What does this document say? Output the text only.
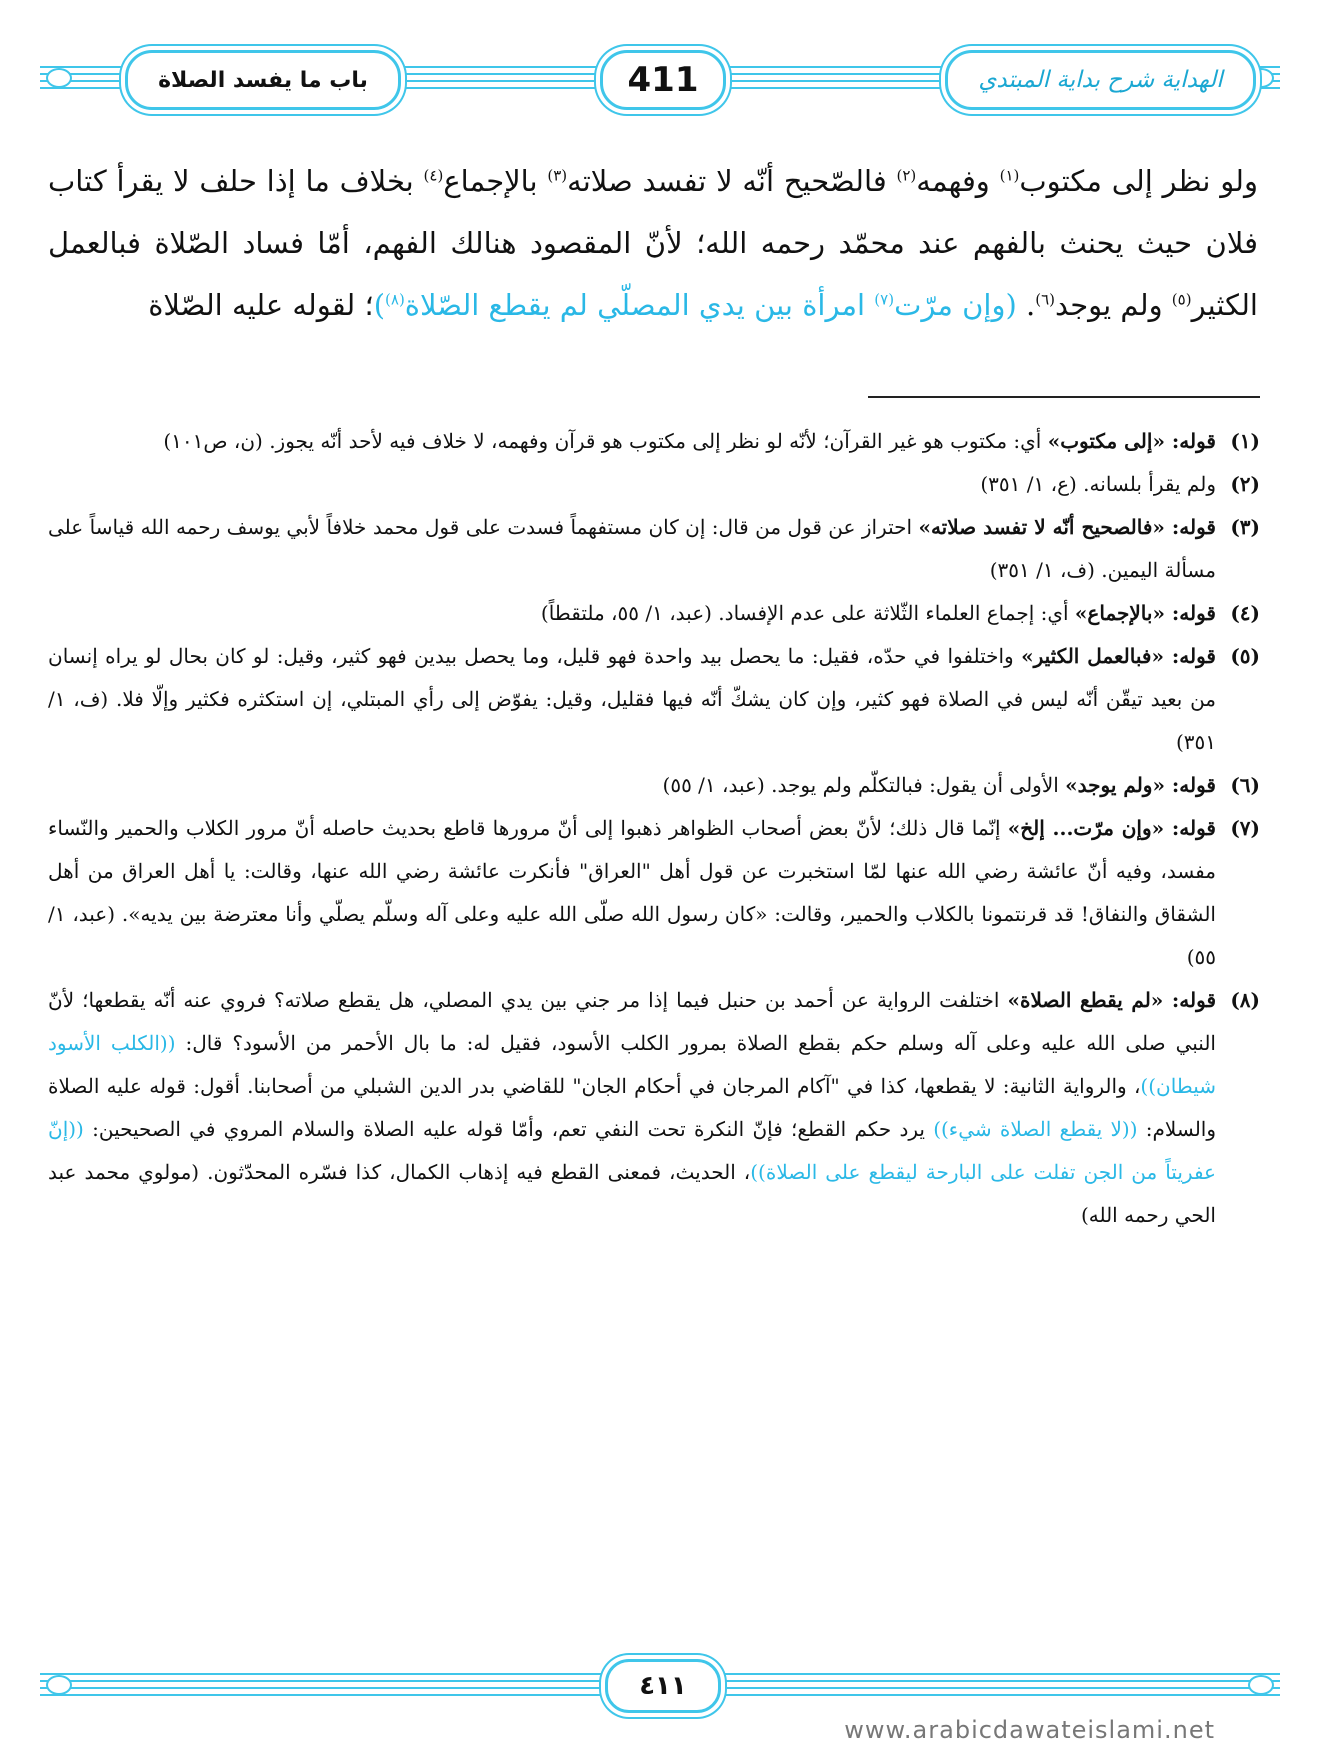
باب ما يفسد الصلاة	411	الهداية شرح بداية المبتدي
ولو نظر إلى مكتوب$^{(١)}$ وفهمه$^{(٢)}$ فالصّحيح أنّه لا تفسد صلاته$^{(٣)}$ بالإجماع$^{(٤)}$ بخلاف ما إذا حلف لا يقرأ كتاب فلان حيث يحنث بالفهم عند محمّد رحمه الله؛ لأنّ المقصود هنالك الفهم، أمّا فساد الصّلاة فبالعمل الكثير$^{(٥)}$ ولم يوجد$^{(٦)}$. (وإن مرّت$^{(٧)}$ امرأة بين يدي المصلّي لم يقطع الصّلاة$^{(٨)}$)؛ لقوله عليه الصّلاة

(١)
قوله: «إلى مكتوب» أي: مكتوب هو غير القرآن؛ لأنّه لو نظر إلى مكتوب هو قرآن وفهمه، لا خلاف فيه لأحد أنّه يجوز. (ن، ص١٠١)

(٢)
ولم يقرأ بلسانه. (ع، ١/ ٣٥١)

(٣)
قوله: «فالصحيح أنّه لا تفسد صلاته» احتراز عن قول من قال: إن كان مستفهماً فسدت على قول محمد خلافاً لأبي يوسف رحمه الله قياساً على مسألة اليمين. (ف، ١/ ٣٥١)

(٤)
قوله: «بالإجماع» أي: إجماع العلماء الثّلاثة على عدم الإفساد. (عبد، ١/ ٥٥، ملتقطاً)

(٥)
قوله: «فبالعمل الكثير» واختلفوا في حدّه، فقيل: ما يحصل بيد واحدة فهو قليل، وما يحصل بيدين فهو كثير، وقيل: لو كان بحال لو يراه إنسان من بعيد تيقّن أنّه ليس في الصلاة فهو كثير، وإن كان يشكّ أنّه فيها فقليل، وقيل: يفوّض إلى رأي المبتلي، إن استكثره فكثير وإلّا فلا. (ف، ١/ ٣٥١)

(٦)
قوله: «ولم يوجد» الأولى أن يقول: فبالتكلّم ولم يوجد. (عبد، ١/ ٥٥)

(٧)
قوله: «وإن مرّت... إلخ» إنّما قال ذلك؛ لأنّ بعض أصحاب الظواهر ذهبوا إلى أنّ مرورها قاطع بحديث حاصله أنّ مرور الكلاب والحمير والنّساء مفسد، وفيه أنّ عائشة رضي الله عنها لمّا استخبرت عن قول أهل "العراق" فأنكرت عائشة رضي الله عنها، وقالت: يا أهل العراق من أهل الشقاق والنفاق! قد قرنتمونا بالكلاب والحمير، وقالت: «كان رسول الله صلّى الله عليه وعلى آله وسلّم يصلّي وأنا معترضة بين يديه». (عبد، ١/ ٥٥)

(٨)
قوله: «لم يقطع الصلاة» اختلفت الرواية عن أحمد بن حنبل فيما إذا مر جني بين يدي المصلي، هل يقطع صلاته؟ فروي عنه أنّه يقطعها؛ لأنّ النبي صلى الله عليه وعلى آله وسلم حكم بقطع الصلاة بمرور الكلب الأسود، فقيل له: ما بال الأحمر من الأسود؟ قال: ((الكلب الأسود شيطان))، والرواية الثانية: لا يقطعها، كذا في "آكام المرجان في أحكام الجان" للقاضي بدر الدين الشبلي من أصحابنا. أقول: قوله عليه الصلاة والسلام: ((لا يقطع الصلاة شيء)) يرد حكم القطع؛ فإنّ النكرة تحت النفي تعم، وأمّا قوله عليه الصلاة والسلام المروي في الصحيحين: ((إنّ عفريتاً من الجن تفلت على البارحة ليقطع على الصلاة))، الحديث، فمعنى القطع فيه إذهاب الكمال، كذا فسّره المحدّثون. (مولوي محمد عبد الحي رحمه الله)

٤١١
www.arabicdawateislami.net
